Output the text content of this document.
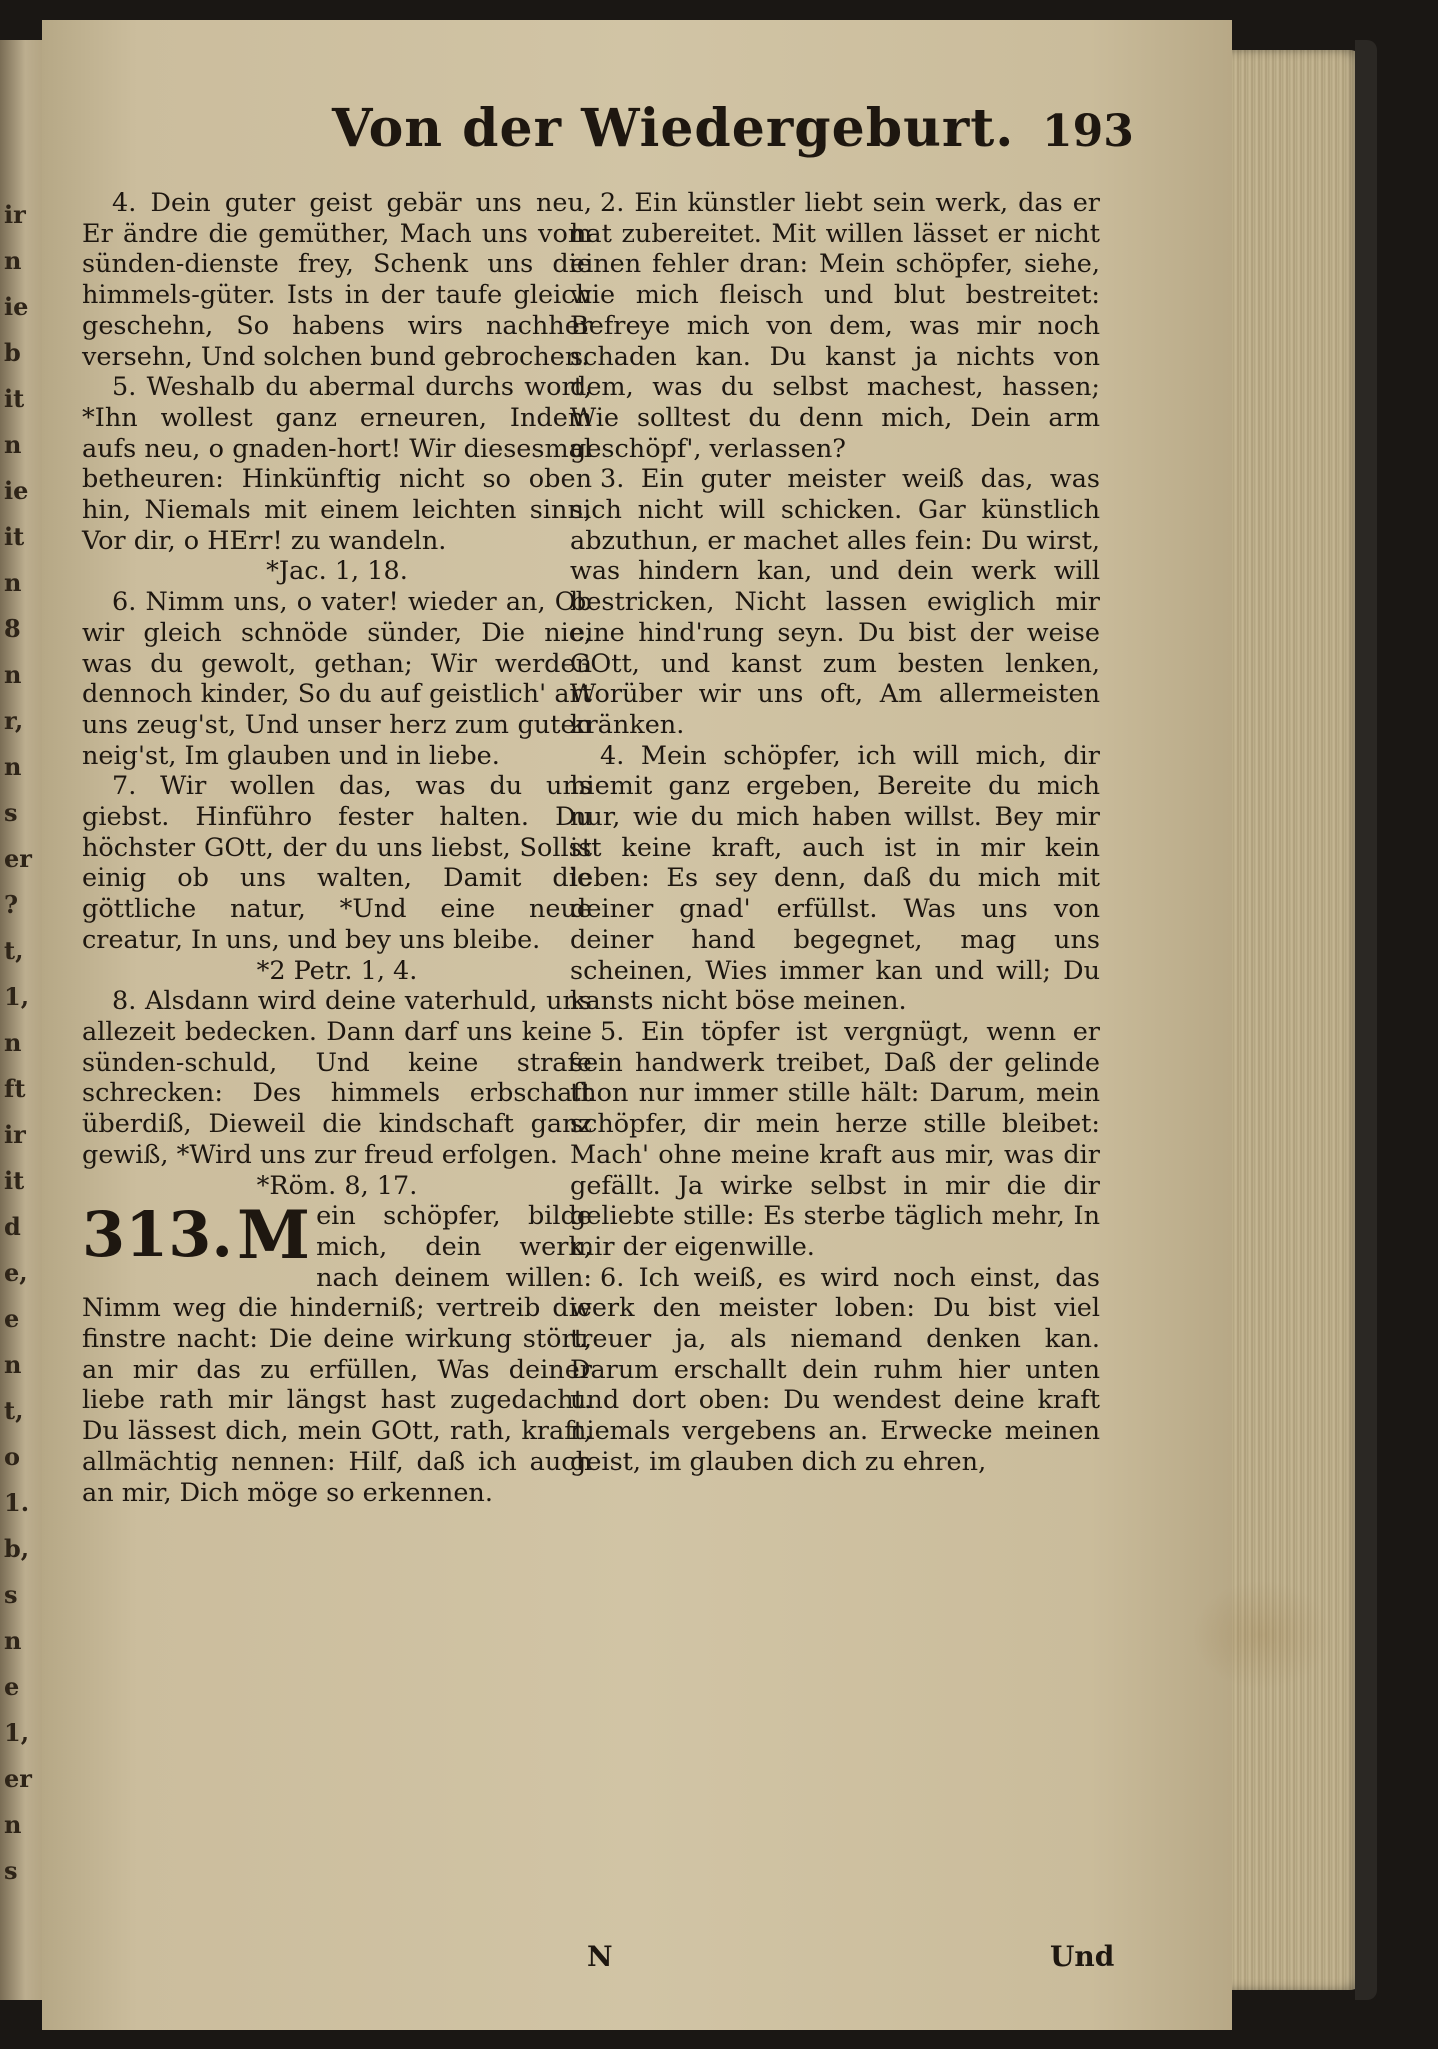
ir
n
ie
b
it
n
ie
it
n
8
n
r,
n
s
er
?
t,
1,
n
ft
ir
it
d
e,
e
n
t,
o
1.
b,
s
n
e
1,
er
n
s
Von der Wiedergeburt. 193

4. Dein guter geist gebär uns neu, Er ändre die gemüther, Mach uns vom sünden-dienste frey, Schenk uns die himmels-güter. Ists in der taufe gleich geschehn, So habens wirs nachher versehn, Und solchen bund gebrochen.

5. Weshalb du abermal durchs wort, *Ihn wollest ganz erneuren, Indem aufs neu, o gnaden-hort! Wir diesesmal betheuren: Hinkünftig nicht so oben hin, Niemals mit einem leichten sinn, Vor dir, o HErr! zu wandeln.

*Jac. 1, 18.

6. Nimm uns, o vater! wieder an, Ob wir gleich schnöde sünder, Die nie, was du gewolt, gethan; Wir werden dennoch kinder, So du auf geistlich' art uns zeug'st, Und unser herz zum guten neig'st, Im glauben und in liebe.

7. Wir wollen das, was du uns giebst. Hinführo fester halten. Du höchster GOtt, der du uns liebst, Sollst einig ob uns walten, Damit die göttliche natur, *Und eine neue creatur, In uns, und bey uns bleibe.

*2 Petr. 1, 4.

8. Alsdann wird deine vaterhuld, uns allezeit bedecken. Dann darf uns keine sünden-schuld, Und keine strafe schrecken: Des himmels erbschaft überdiß, Dieweil die kindschaft ganz gewiß, *Wird uns zur freud erfolgen.

*Röm. 8, 17.

313. M ein schöpfer, bilde mich, dein werk, nach deinem willen: Nimm weg die hinderniß; vertreib die finstre nacht: Die deine wirkung stört, an mir das zu erfüllen, Was deiner liebe rath mir längst hast zugedacht. Du lässest dich, mein GOtt, rath, kraft, allmächtig nennen: Hilf, daß ich auch an mir, Dich möge so erkennen.

2. Ein künstler liebt sein werk, das er hat zubereitet. Mit willen lässet er nicht einen fehler dran: Mein schöpfer, siehe, wie mich fleisch und blut bestreitet: Befreye mich von dem, was mir noch schaden kan. Du kanst ja nichts von dem, was du selbst machest, hassen; Wie solltest du denn mich, Dein arm geschöpf', verlassen?

3. Ein guter meister weiß das, was sich nicht will schicken. Gar künstlich abzuthun, er machet alles fein: Du wirst, was hindern kan, und dein werk will bestricken, Nicht lassen ewiglich mir eine hind'rung seyn. Du bist der weise GOtt, und kanst zum besten lenken, Worüber wir uns oft, Am allermeisten kränken.

4. Mein schöpfer, ich will mich, dir hiemit ganz ergeben, Bereite du mich nur, wie du mich haben willst. Bey mir ist keine kraft, auch ist in mir kein leben: Es sey denn, daß du mich mit deiner gnad' erfüllst. Was uns von deiner hand begegnet, mag uns scheinen, Wies immer kan und will; Du kansts nicht böse meinen.

5. Ein töpfer ist vergnügt, wenn er sein handwerk treibet, Daß der gelinde thon nur immer stille hält: Darum, mein schöpfer, dir mein herze stille bleibet: Mach' ohne meine kraft aus mir, was dir gefällt. Ja wirke selbst in mir die dir geliebte stille: Es sterbe täglich mehr, In mir der eigenwille.

6. Ich weiß, es wird noch einst, das werk den meister loben: Du bist viel treuer ja, als niemand denken kan. Darum erschallt dein ruhm hier unten und dort oben: Du wendest deine kraft niemals vergebens an. Erwecke meinen geist, im glauben dich zu ehren,

N	Und
